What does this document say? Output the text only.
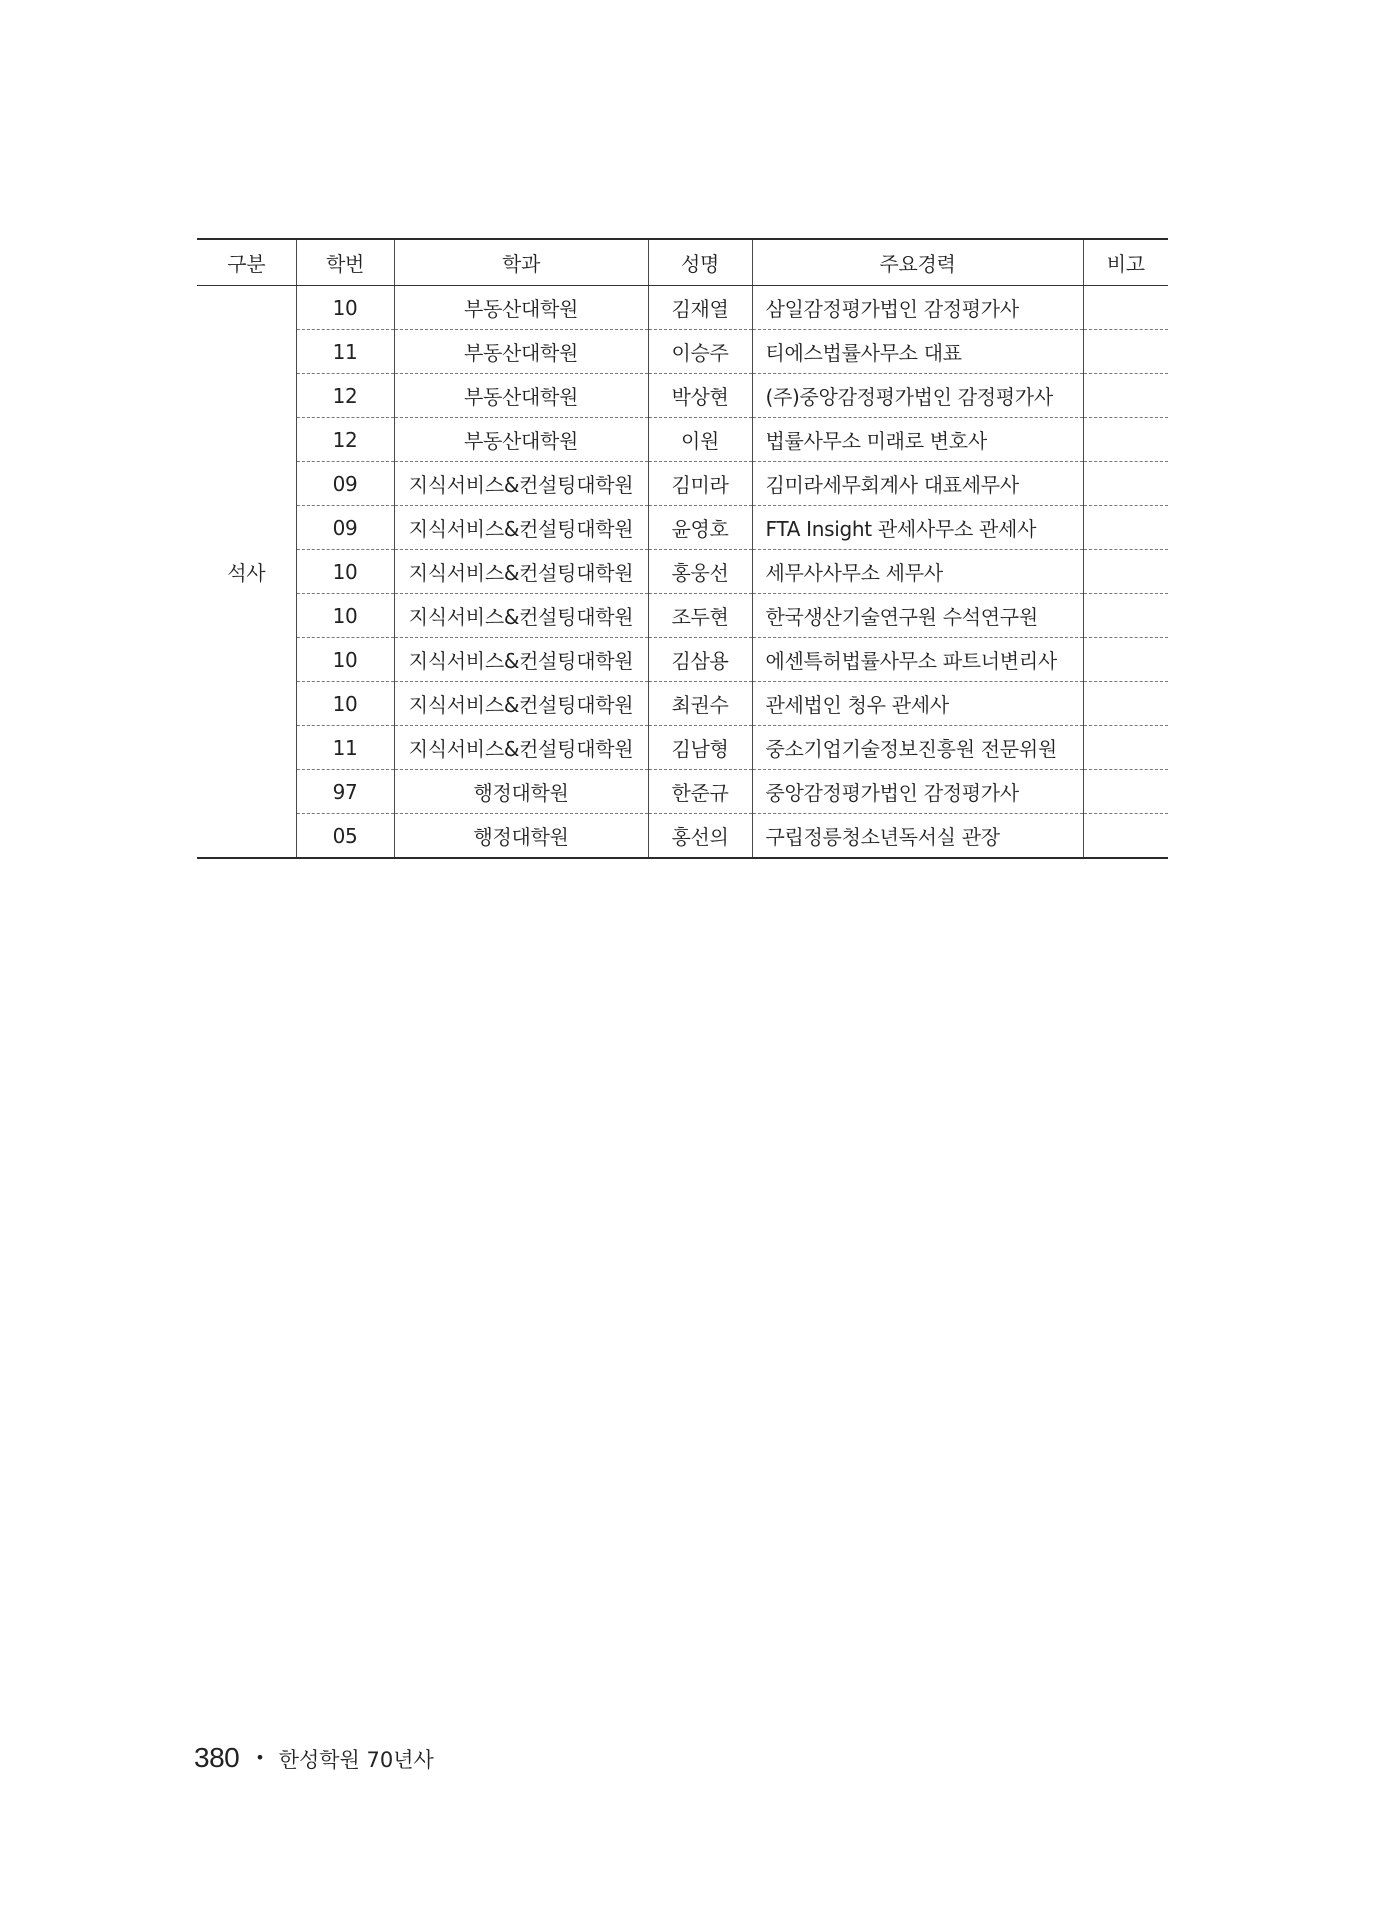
구분	학번	학과	성명	주요경력	비고
석사	10	부동산대학원	김재열	삼일감정평가법인 감정평가사	
	11	부동산대학원	이승주	티에스법률사무소 대표	
	12	부동산대학원	박상현	(주)중앙감정평가법인 감정평가사	
	12	부동산대학원	이원	법률사무소 미래로 변호사	
	09	지식서비스&컨설팅대학원	김미라	김미라세무회계사 대표세무사	
	09	지식서비스&컨설팅대학원	윤영호	FTA Insight 관세사무소 관세사	
	10	지식서비스&컨설팅대학원	홍웅선	세무사사무소 세무사	
	10	지식서비스&컨설팅대학원	조두현	한국생산기술연구원 수석연구원	
	10	지식서비스&컨설팅대학원	김삼용	에센특허법률사무소 파트너변리사	
	10	지식서비스&컨설팅대학원	최권수	관세법인 청우 관세사	
	11	지식서비스&컨설팅대학원	김남형	중소기업기술정보진흥원 전문위원	
	97	행정대학원	한준규	중앙감정평가법인 감정평가사	
	05	행정대학원	홍선의	구립정릉청소년독서실 관장	
380 • 한성학원 70년사
